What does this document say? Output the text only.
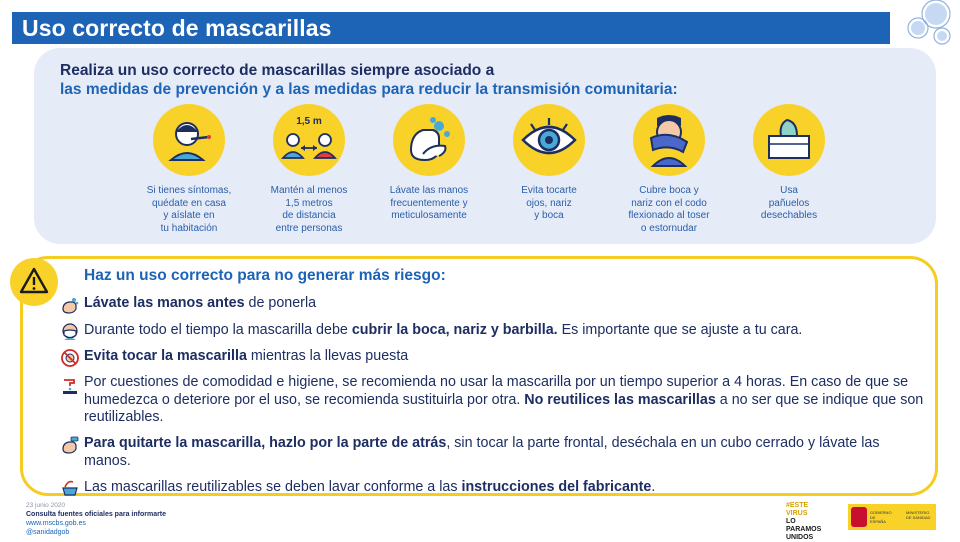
Uso correcto de mascarillas
Realiza un uso correcto de mascarillas siempre asociado a
las medidas de prevención y a las medidas para reducir la transmisión comunitaria:
Si tienes síntomas,
quédate en casa
y aíslate en
tu habitación
1,5 m
Mantén al menos
1,5 metros
de distancia
entre personas
Lávate las manos
frecuentemente y
meticulosamente
Evita tocarte
ojos, nariz
y boca
Cubre boca y
nariz con el codo
flexionado al toser
o estornudar
Usa
pañuelos
desechables
Haz un uso correcto para no generar más riesgo:
Lávate las manos antes de ponerla
Durante todo el tiempo la mascarilla debe cubrir la boca, nariz y barbilla. Es importante que se ajuste a tu cara.
Evita tocar la mascarilla mientras la llevas puesta
Por cuestiones de comodidad e higiene, se recomienda no usar la mascarilla por un tiempo superior a 4 horas. En caso de que se humedezca o deteriore por el uso, se recomienda sustituirla por otra. No reutilices las mascarillas a no ser que se indique que son reutilizables.
Para quitarte la mascarilla, hazlo por la parte de atrás, sin tocar la parte frontal, deséchala en un cubo cerrado y lávate las manos.
Las mascarillas reutilizables se deben lavar conforme a las instrucciones del fabricante.
23 junio 2020
Consulta fuentes oficiales para informarte
www.mscbs.gob.es
@sanidadgob
#ESTE
VIRUS
LO
PARAMOS
UNIDOS
GOBIERNO DE ESPAÑA
MINISTERIO DE SANIDAD
